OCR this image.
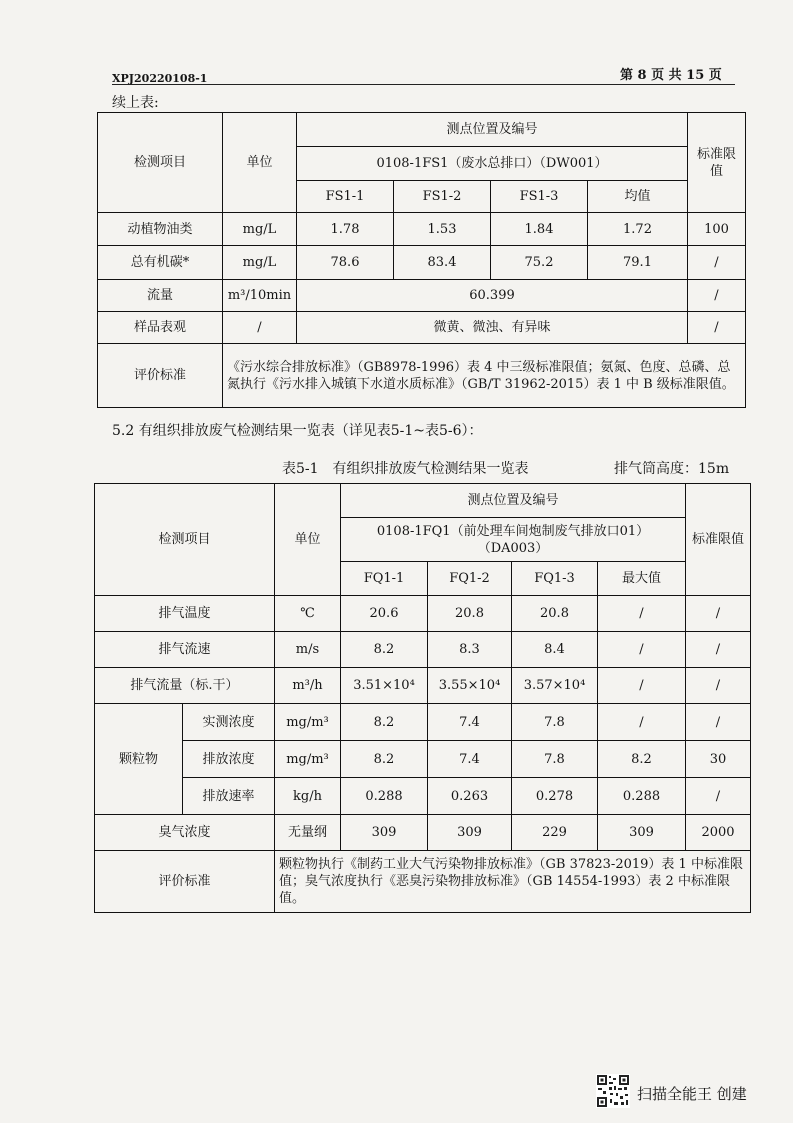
XPJ20220108-1	第 8 页 共 15 页
续上表:
检测项目	单位	测点位置及编号				标准限值
		0108-1FS1（废水总排口）（DW001）				
		FS1-1	FS1-2	FS1-3	均值	
动植物油类	mg/L	1.78	1.53	1.84	1.72	100
总有机碳*	mg/L	78.6	83.4	75.2	79.1	/
流量	m³/10min	60.399				/
样品表观	/	微黄、微浊、有异味				/
评价标准	《污水综合排放标准》（GB8978-1996）表 4 中三级标准限值；氨氮、色度、总磷、总氮执行《污水排入城镇下水道水质标准》（GB/T 31962-2015）表 1 中 B 级标准限值。					
5.2 有组织排放废气检测结果一览表（详见表5-1~表5-6）：
表5-1　有组织排放废气检测结果一览表	排气筒高度：15m
检测项目		单位	测点位置及编号				标准限值

			0108-1FQ1（前处理车间炮制废气排放口01）
（DA003）				

			FQ1-1	FQ1-2	FQ1-3	最大值	
排气温度		℃	20.6	20.8	20.8	/	/
排气流速		m/s	8.2	8.3	8.4	/	/
排气流量（标.干）		m³/h	3.51×10⁴	3.55×10⁴	3.57×10⁴	/	/
颗粒物	实测浓度	mg/m³	8.2	7.4	7.8	/	/
	排放浓度	mg/m³	8.2	7.4	7.8	8.2	30
	排放速率	kg/h	0.288	0.263	0.278	0.288	/
臭气浓度		无量纲	309	309	229	309	2000
评价标准		颗粒物执行《制药工业大气污染物排放标准》（GB 37823-2019）表 1 中标准限值；臭气浓度执行《恶臭污染物排放标准》（GB 14554-1993）表 2 中标准限值。					
扫描全能王 创建
